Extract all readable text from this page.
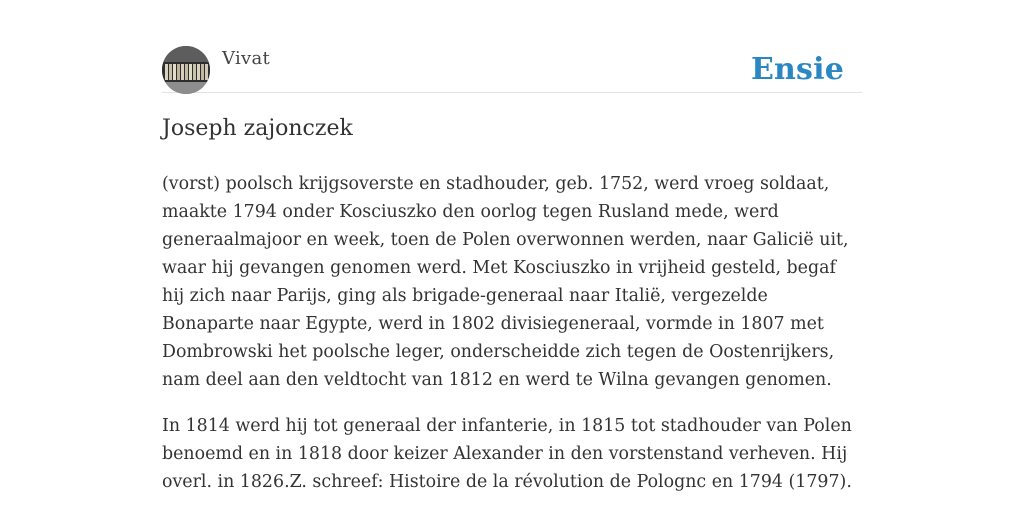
Vivat	Ensie
Joseph zajonczek

(vorst) poolsch krijgsoverste en stadhouder, geb. 1752, werd vroeg soldaat, maakte 1794 onder Kosciuszko den oorlog tegen Rusland mede, werd generaalmajoor en week, toen de Polen overwonnen werden, naar Galicië uit, waar hij gevangen genomen werd. Met Kosciuszko in vrijheid gesteld, begaf hij zich naar Parijs, ging als brigade-generaal naar Italië, vergezelde Bonaparte naar Egypte, werd in 1802 divisiegeneraal, vormde in 1807 met Dombrowski het poolsche leger, onderscheidde zich tegen de Oostenrijkers, nam deel aan den veldtocht van 1812 en werd te Wilna gevangen genomen.

In 1814 werd hij tot generaal der infanterie, in 1815 tot stadhouder van Polen benoemd en in 1818 door keizer Alexander in den vorstenstand verheven. Hij overl. in 1826.Z. schreef: Histoire de la révolution de Polognc en 1794 (1797).
